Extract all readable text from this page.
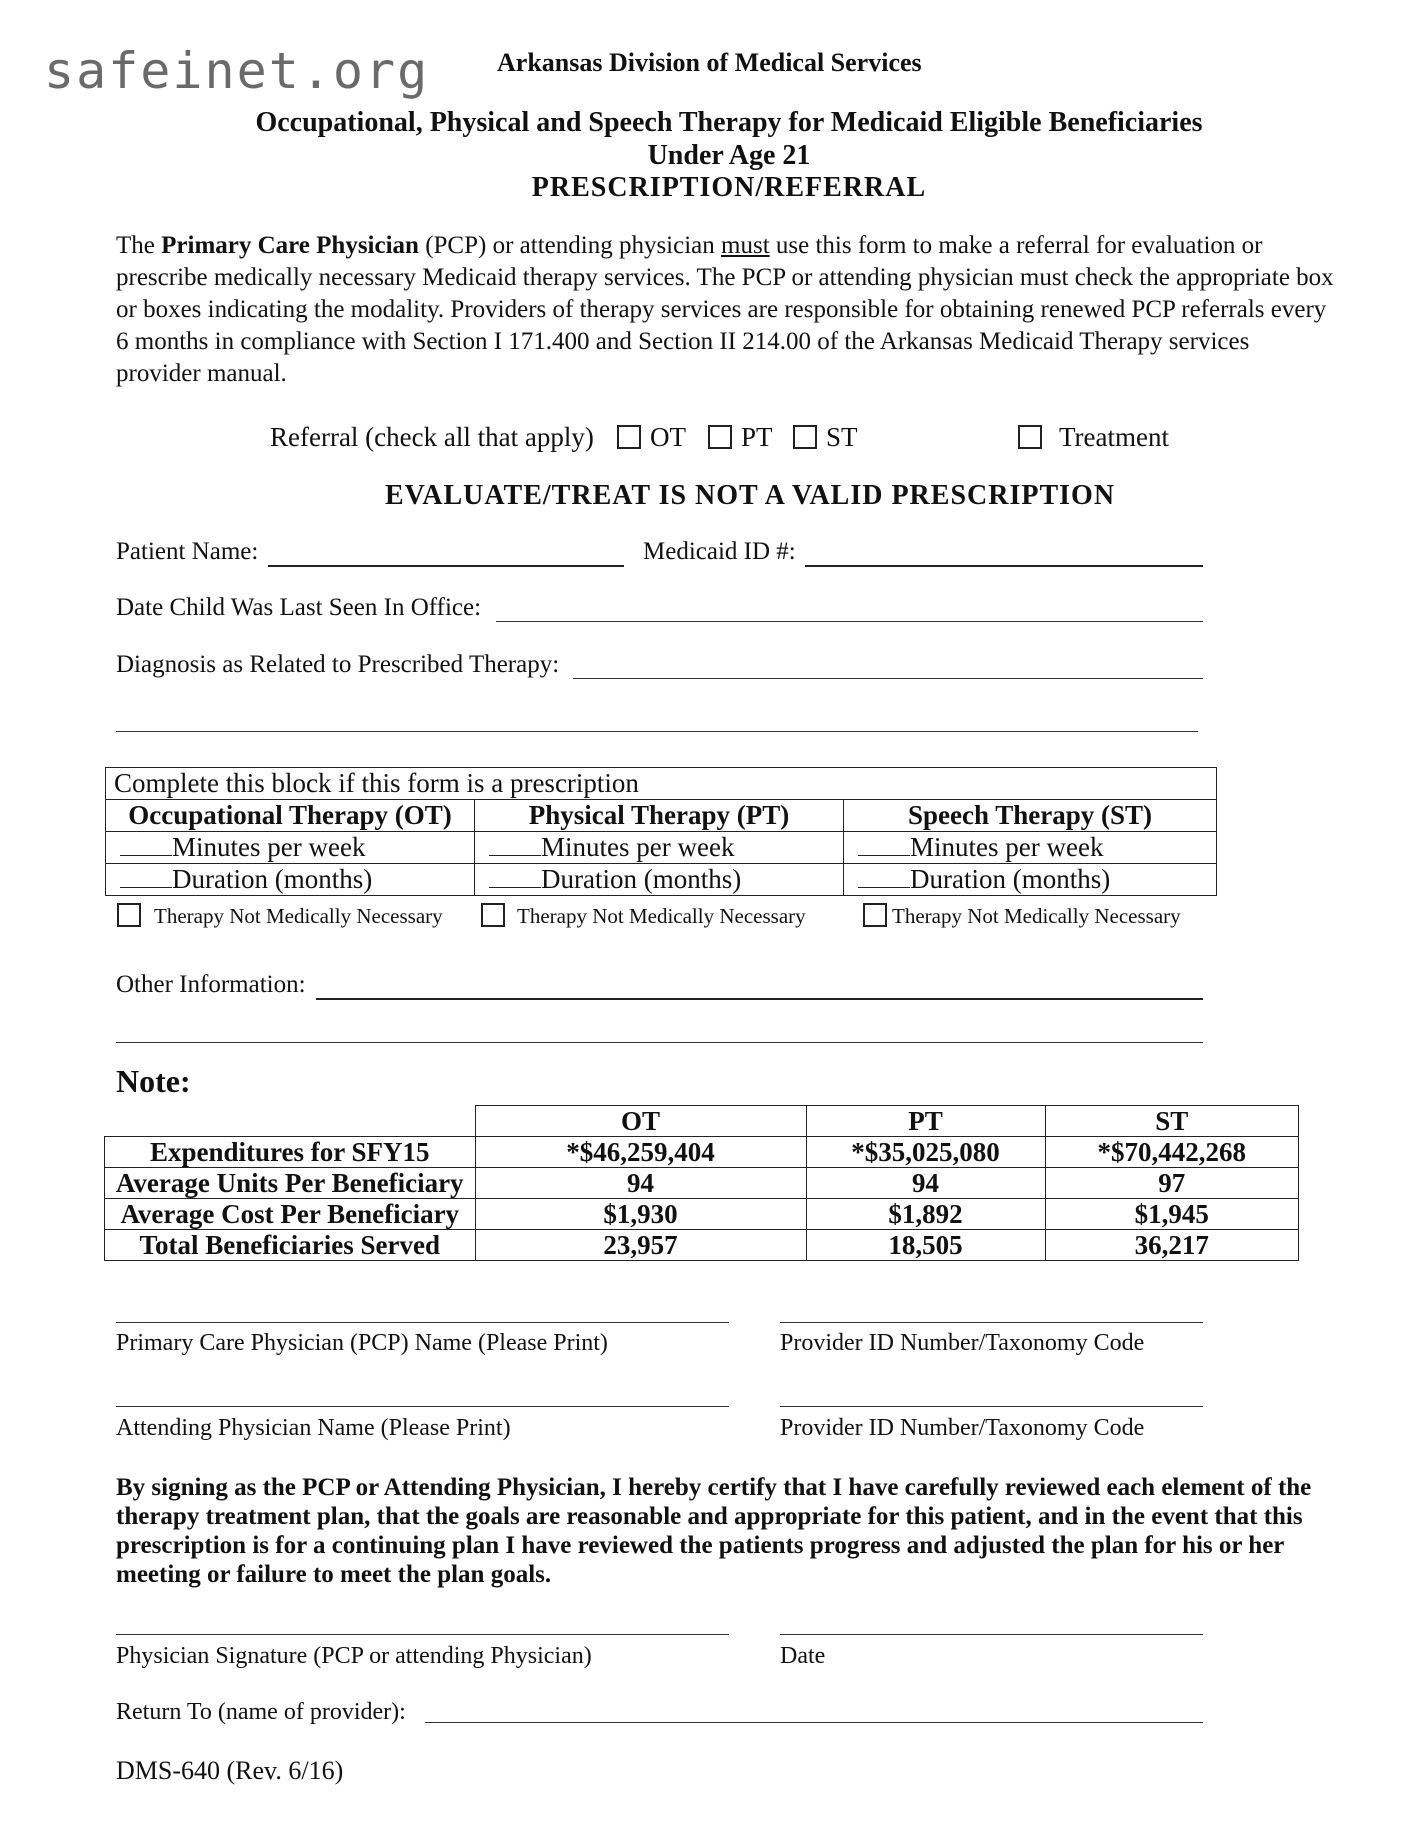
safeinet.org	Arkansas Division of Medical Services
Occupational, Physical and Speech Therapy for Medicaid Eligible Beneficiaries
Under Age 21
PRESCRIPTION/REFERRAL
The Primary Care Physician (PCP) or attending physician must use this form to make a referral for evaluation or prescribe medically necessary Medicaid therapy services. The PCP or attending physician must check the appropriate box or boxes indicating the modality. Providers of therapy services are responsible for obtaining renewed PCP referrals every 6 months in compliance with Section I 171.400 and Section II 214.00 of the Arkansas Medicaid Therapy services provider manual.
Referral (check all that apply) OT PT ST	Treatment
EVALUATE/TREAT IS NOT A VALID PRESCRIPTION
Patient Name:	Medicaid ID #:
Date Child Was Last Seen In Office:
Diagnosis as Related to Prescribed Therapy:
Complete this block if this form is a prescription		
Occupational Therapy (OT)	Physical Therapy (PT)	Speech Therapy (ST)
Minutes per week	Minutes per week	Minutes per week
Duration (months)	Duration (months)	Duration (months)
Therapy Not Medically Necessary	Therapy Not Medically Necessary	Therapy Not Medically Necessary
Other Information:
Note:
	OT	PT	ST
Expenditures for SFY15	*$46,259,404	*$35,025,080	*$70,442,268
Average Units Per Beneficiary	94	94	97
Average Cost Per Beneficiary	$1,930	$1,892	$1,945
Total Beneficiaries Served	23,957	18,505	36,217
Primary Care Physician (PCP) Name (Please Print)	Provider ID Number/Taxonomy Code
Attending Physician Name (Please Print)	Provider ID Number/Taxonomy Code
By signing as the PCP or Attending Physician, I hereby certify that I have carefully reviewed each element of the therapy treatment plan, that the goals are reasonable and appropriate for this patient, and in the event that this prescription is for a continuing plan I have reviewed the patients progress and adjusted the plan for his or her meeting or failure to meet the plan goals.
Physician Signature (PCP or attending Physician)	Date
Return To (name of provider):
DMS-640 (Rev. 6/16)
